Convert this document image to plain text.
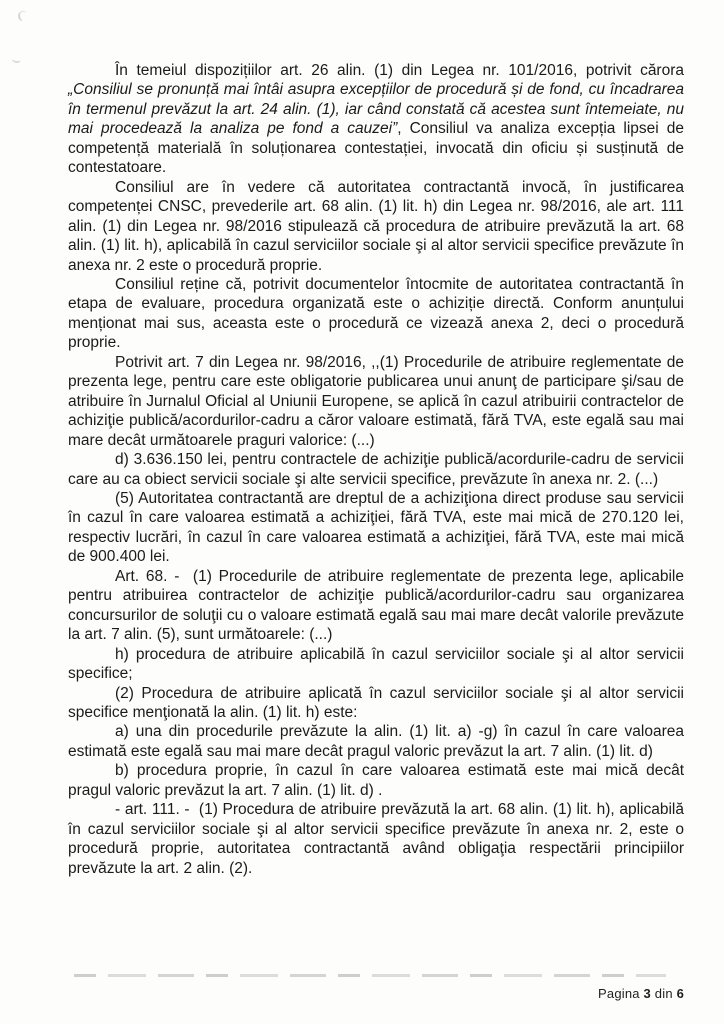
În temeiul dispozițiilor art. 26 alin. (1) din Legea nr. 101/2016, potrivit cărora „Consiliul se pronunță mai întâi asupra excepțiilor de procedură și de fond, cu încadrarea în termenul prevăzut la art. 24 alin. (1), iar când constată că acestea sunt întemeiate, nu mai procedează la analiza pe fond a cauzei”, Consiliul va analiza excepția lipsei de competență materială în soluționarea contestației, invocată din oficiu și susținută de contestatoare.

Consiliul are în vedere că autoritatea contractantă invocă, în justificarea competenței CNSC, prevederile art. 68 alin. (1) lit. h) din Legea nr. 98/2016, ale art. 111 alin. (1) din Legea nr. 98/2016 stipulează că procedura de atribuire prevăzută la art. 68 alin. (1) lit. h), aplicabilă în cazul serviciilor sociale şi al altor servicii specifice prevăzute în anexa nr. 2 este o procedură proprie.

Consiliul reține că, potrivit documentelor întocmite de autoritatea contractantă în etapa de evaluare, procedura organizată este o achiziție directă. Conform anunțului menționat mai sus, aceasta este o procedură ce vizează anexa 2, deci o procedură proprie.

Potrivit art. 7 din Legea nr. 98/2016, ,,(1) Procedurile de atribuire reglementate de prezenta lege, pentru care este obligatorie publicarea unui anunţ de participare şi/sau de atribuire în Jurnalul Oficial al Uniunii Europene, se aplică în cazul atribuirii contractelor de achiziţie publică/acordurilor-cadru a căror valoare estimată, fără TVA, este egală sau mai mare decât următoarele praguri valorice: (...)

d) 3.636.150 lei, pentru contractele de achiziţie publică/acordurile-cadru de servicii care au ca obiect servicii sociale şi alte servicii specifice, prevăzute în anexa nr. 2. (...)

(5) Autoritatea contractantă are dreptul de a achiziţiona direct produse sau servicii în cazul în care valoarea estimată a achiziţiei, fără TVA, este mai mică de 270.120 lei, respectiv lucrări, în cazul în care valoarea estimată a achiziţiei, fără TVA, este mai mică de 900.400 lei.

Art. 68. -  (1) Procedurile de atribuire reglementate de prezenta lege, aplicabile pentru atribuirea contractelor de achiziţie publică/acordurilor-cadru sau organizarea concursurilor de soluţii cu o valoare estimată egală sau mai mare decât valorile prevăzute la art. 7 alin. (5), sunt următoarele: (...)

h) procedura de atribuire aplicabilă în cazul serviciilor sociale şi al altor servicii specifice;

(2) Procedura de atribuire aplicată în cazul serviciilor sociale şi al altor servicii specifice menţionată la alin. (1) lit. h) este:

a) una din procedurile prevăzute la alin. (1) lit. a) -g) în cazul în care valoarea estimată este egală sau mai mare decât pragul valoric prevăzut la art. 7 alin. (1) lit. d)

b) procedura proprie, în cazul în care valoarea estimată este mai mică decât pragul valoric prevăzut la art. 7 alin. (1) lit. d) .

- art. 111. -  (1) Procedura de atribuire prevăzută la art. 68 alin. (1) lit. h), aplicabilă în cazul serviciilor sociale şi al altor servicii specifice prevăzute în anexa nr. 2, este o procedură proprie, autoritatea contractantă având obligaţia respectării principiilor prevăzute la art. 2 alin. (2).

Pagina 3 din 6
